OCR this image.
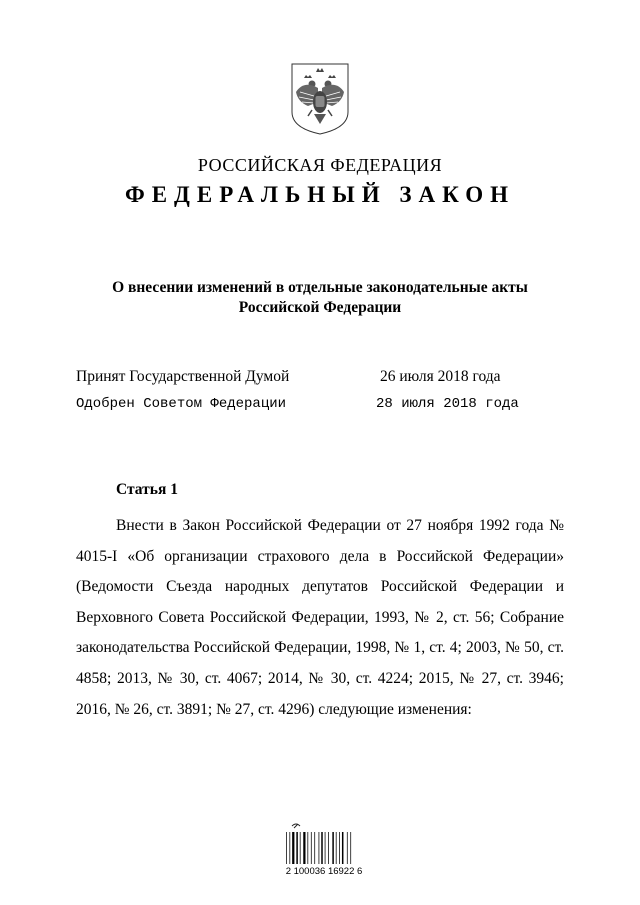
РОССИЙСКАЯ ФЕДЕРАЦИЯ
ФЕДЕРАЛЬНЫЙ ЗАКОН
О внесении изменений в отдельные законодательные акты
Российской Федерации
Принят Государственной Думой	26 июля 2018 года
Одобрен Советом Федерации	28 июля 2018 года
Статья 1
Внести в Закон Российской Федерации от 27 ноября 1992 года № 4015-I «Об организации страхового дела в Российской Федерации» (Ведомости Съезда народных депутатов Российской Федерации и Верховного Совета Российской Федерации, 1993, № 2, ст. 56; Собрание законодательства Российской Федерации, 1998, № 1, ст. 4; 2003, № 50, ст. 4858; 2013, № 30, ст. 4067; 2014, № 30, ст. 4224; 2015, № 27, ст. 3946; 2016, № 26, ст. 3891; № 27, ст. 4296) следующие изменения:
2 100036 16922 6
